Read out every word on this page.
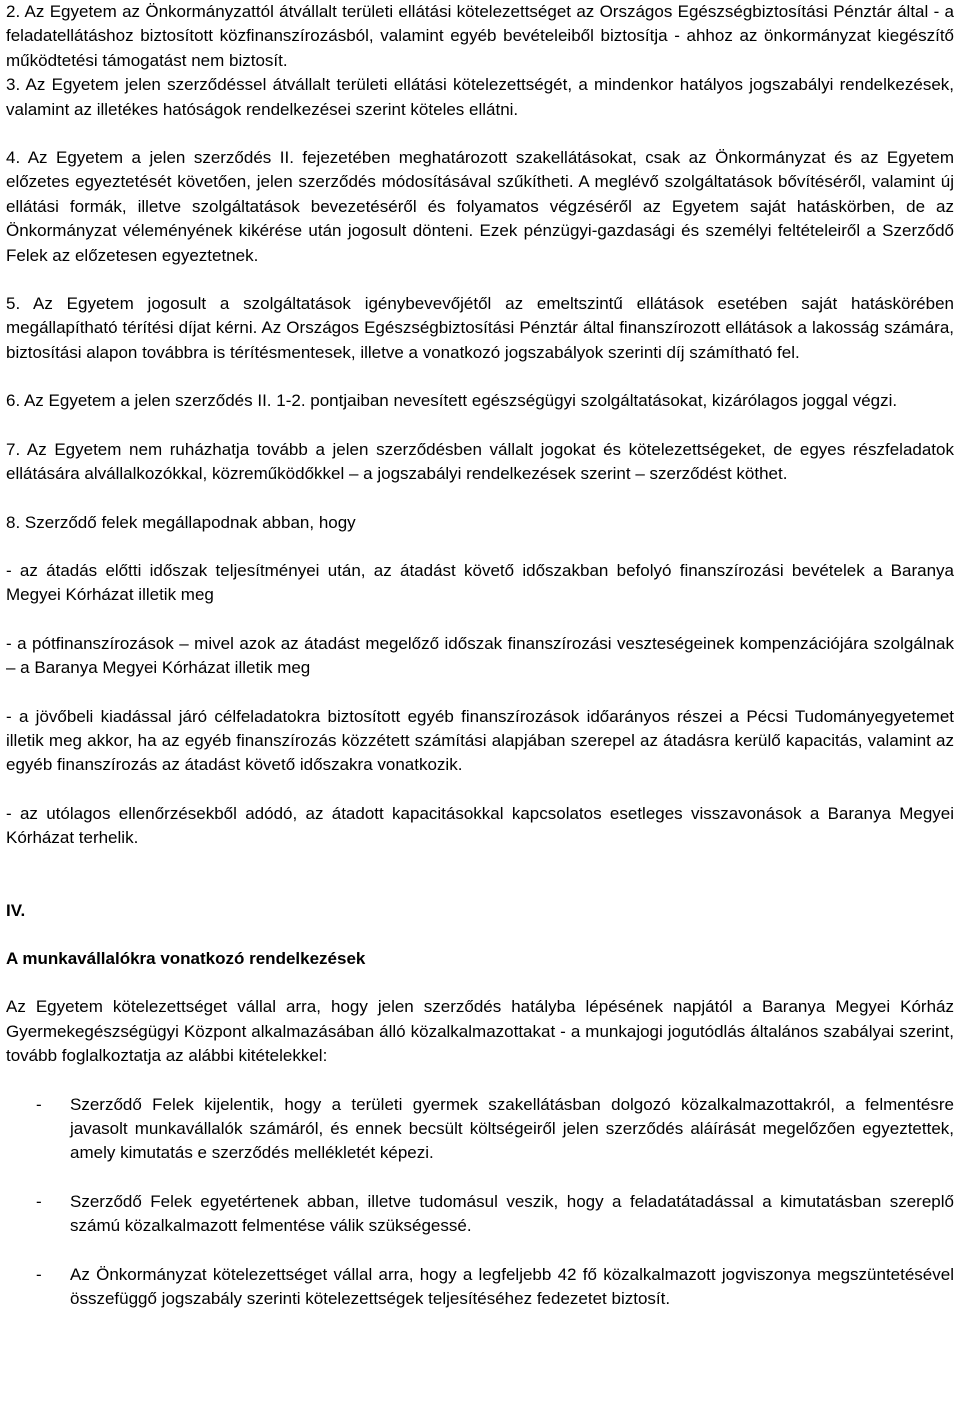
2. Az Egyetem az Önkormányzattól átvállalt területi ellátási kötelezettséget az Országos Egészségbiztosítási Pénztár által - a feladatellátáshoz biztosított közfinanszírozásból, valamint egyéb bevételeiből biztosítja - ahhoz az önkormányzat kiegészítő működtetési támogatást nem biztosít.

3. Az Egyetem jelen szerződéssel átvállalt területi ellátási kötelezettségét, a mindenkor hatályos jogszabályi rendelkezések, valamint az illetékes hatóságok rendelkezései szerint köteles ellátni.

4. Az Egyetem a jelen szerződés II. fejezetében meghatározott szakellátásokat, csak az Önkormányzat és az Egyetem előzetes egyeztetését követően, jelen szerződés módosításával szűkítheti. A meglévő szolgáltatások bővítéséről, valamint új ellátási formák, illetve szolgáltatások bevezetéséről és folyamatos végzéséről az Egyetem saját hatáskörben, de az Önkormányzat véleményének kikérése után jogosult dönteni. Ezek pénzügyi-gazdasági és személyi feltételeiről a Szerződő Felek az előzetesen egyeztetnek.

5. Az Egyetem jogosult a szolgáltatások igénybevevőjétől az emeltszintű ellátások esetében saját hatáskörében megállapítható térítési díjat kérni. Az Országos Egészségbiztosítási Pénztár által finanszírozott ellátások a lakosság számára, biztosítási alapon továbbra is térítésmentesek, illetve a vonatkozó jogszabályok szerinti díj számítható fel.

6. Az Egyetem a jelen szerződés II. 1-2. pontjaiban nevesített egészségügyi szolgáltatásokat, kizárólagos joggal végzi.

7. Az Egyetem nem ruházhatja tovább a jelen szerződésben vállalt jogokat és kötelezettségeket, de egyes részfeladatok ellátására alvállalkozókkal, közreműködőkkel – a jogszabályi rendelkezések szerint – szerződést köthet.

8. Szerződő felek megállapodnak abban, hogy

- az átadás előtti időszak teljesítményei után, az átadást követő időszakban befolyó finanszírozási bevételek a Baranya Megyei Kórházat illetik meg

- a pótfinanszírozások – mivel azok az átadást megelőző időszak finanszírozási veszteségeinek kompenzációjára szolgálnak – a Baranya Megyei Kórházat illetik meg

- a jövőbeli kiadással járó célfeladatokra biztosított egyéb finanszírozások időarányos részei a Pécsi Tudományegyetemet illetik meg akkor, ha az egyéb finanszírozás közzétett számítási alapjában szerepel az átadásra kerülő kapacitás, valamint az egyéb finanszírozás az átadást követő időszakra vonatkozik.

- az utólagos ellenőrzésekből adódó, az átadott kapacitásokkal kapcsolatos esetleges visszavonások a Baranya Megyei Kórházat terhelik.

IV.

A munkavállalókra vonatkozó rendelkezések

Az Egyetem kötelezettséget vállal arra, hogy jelen szerződés hatályba lépésének napjától a Baranya Megyei Kórház Gyermekegészségügyi Központ alkalmazásában álló közalkalmazottakat - a munkajogi jogutódlás általános szabályai szerint, tovább foglalkoztatja az alábbi kitételekkel:

-	Szerződő Felek kijelentik, hogy a területi gyermek szakellátásban dolgozó közalkalmazottakról, a felmentésre javasolt munkavállalók számáról, és ennek becsült költségeiről jelen szerződés aláírását megelőzően egyeztettek, amely kimutatás e szerződés mellékletét képezi.
-	Szerződő Felek egyetértenek abban, illetve tudomásul veszik, hogy a feladatátadással a kimutatásban szereplő számú közalkalmazott felmentése válik szükségessé.
-	Az Önkormányzat kötelezettséget vállal arra, hogy a legfeljebb 42 fő közalkalmazott jogviszonya megszüntetésével összefüggő jogszabály szerinti kötelezettségek teljesítéséhez fedezetet biztosít.
